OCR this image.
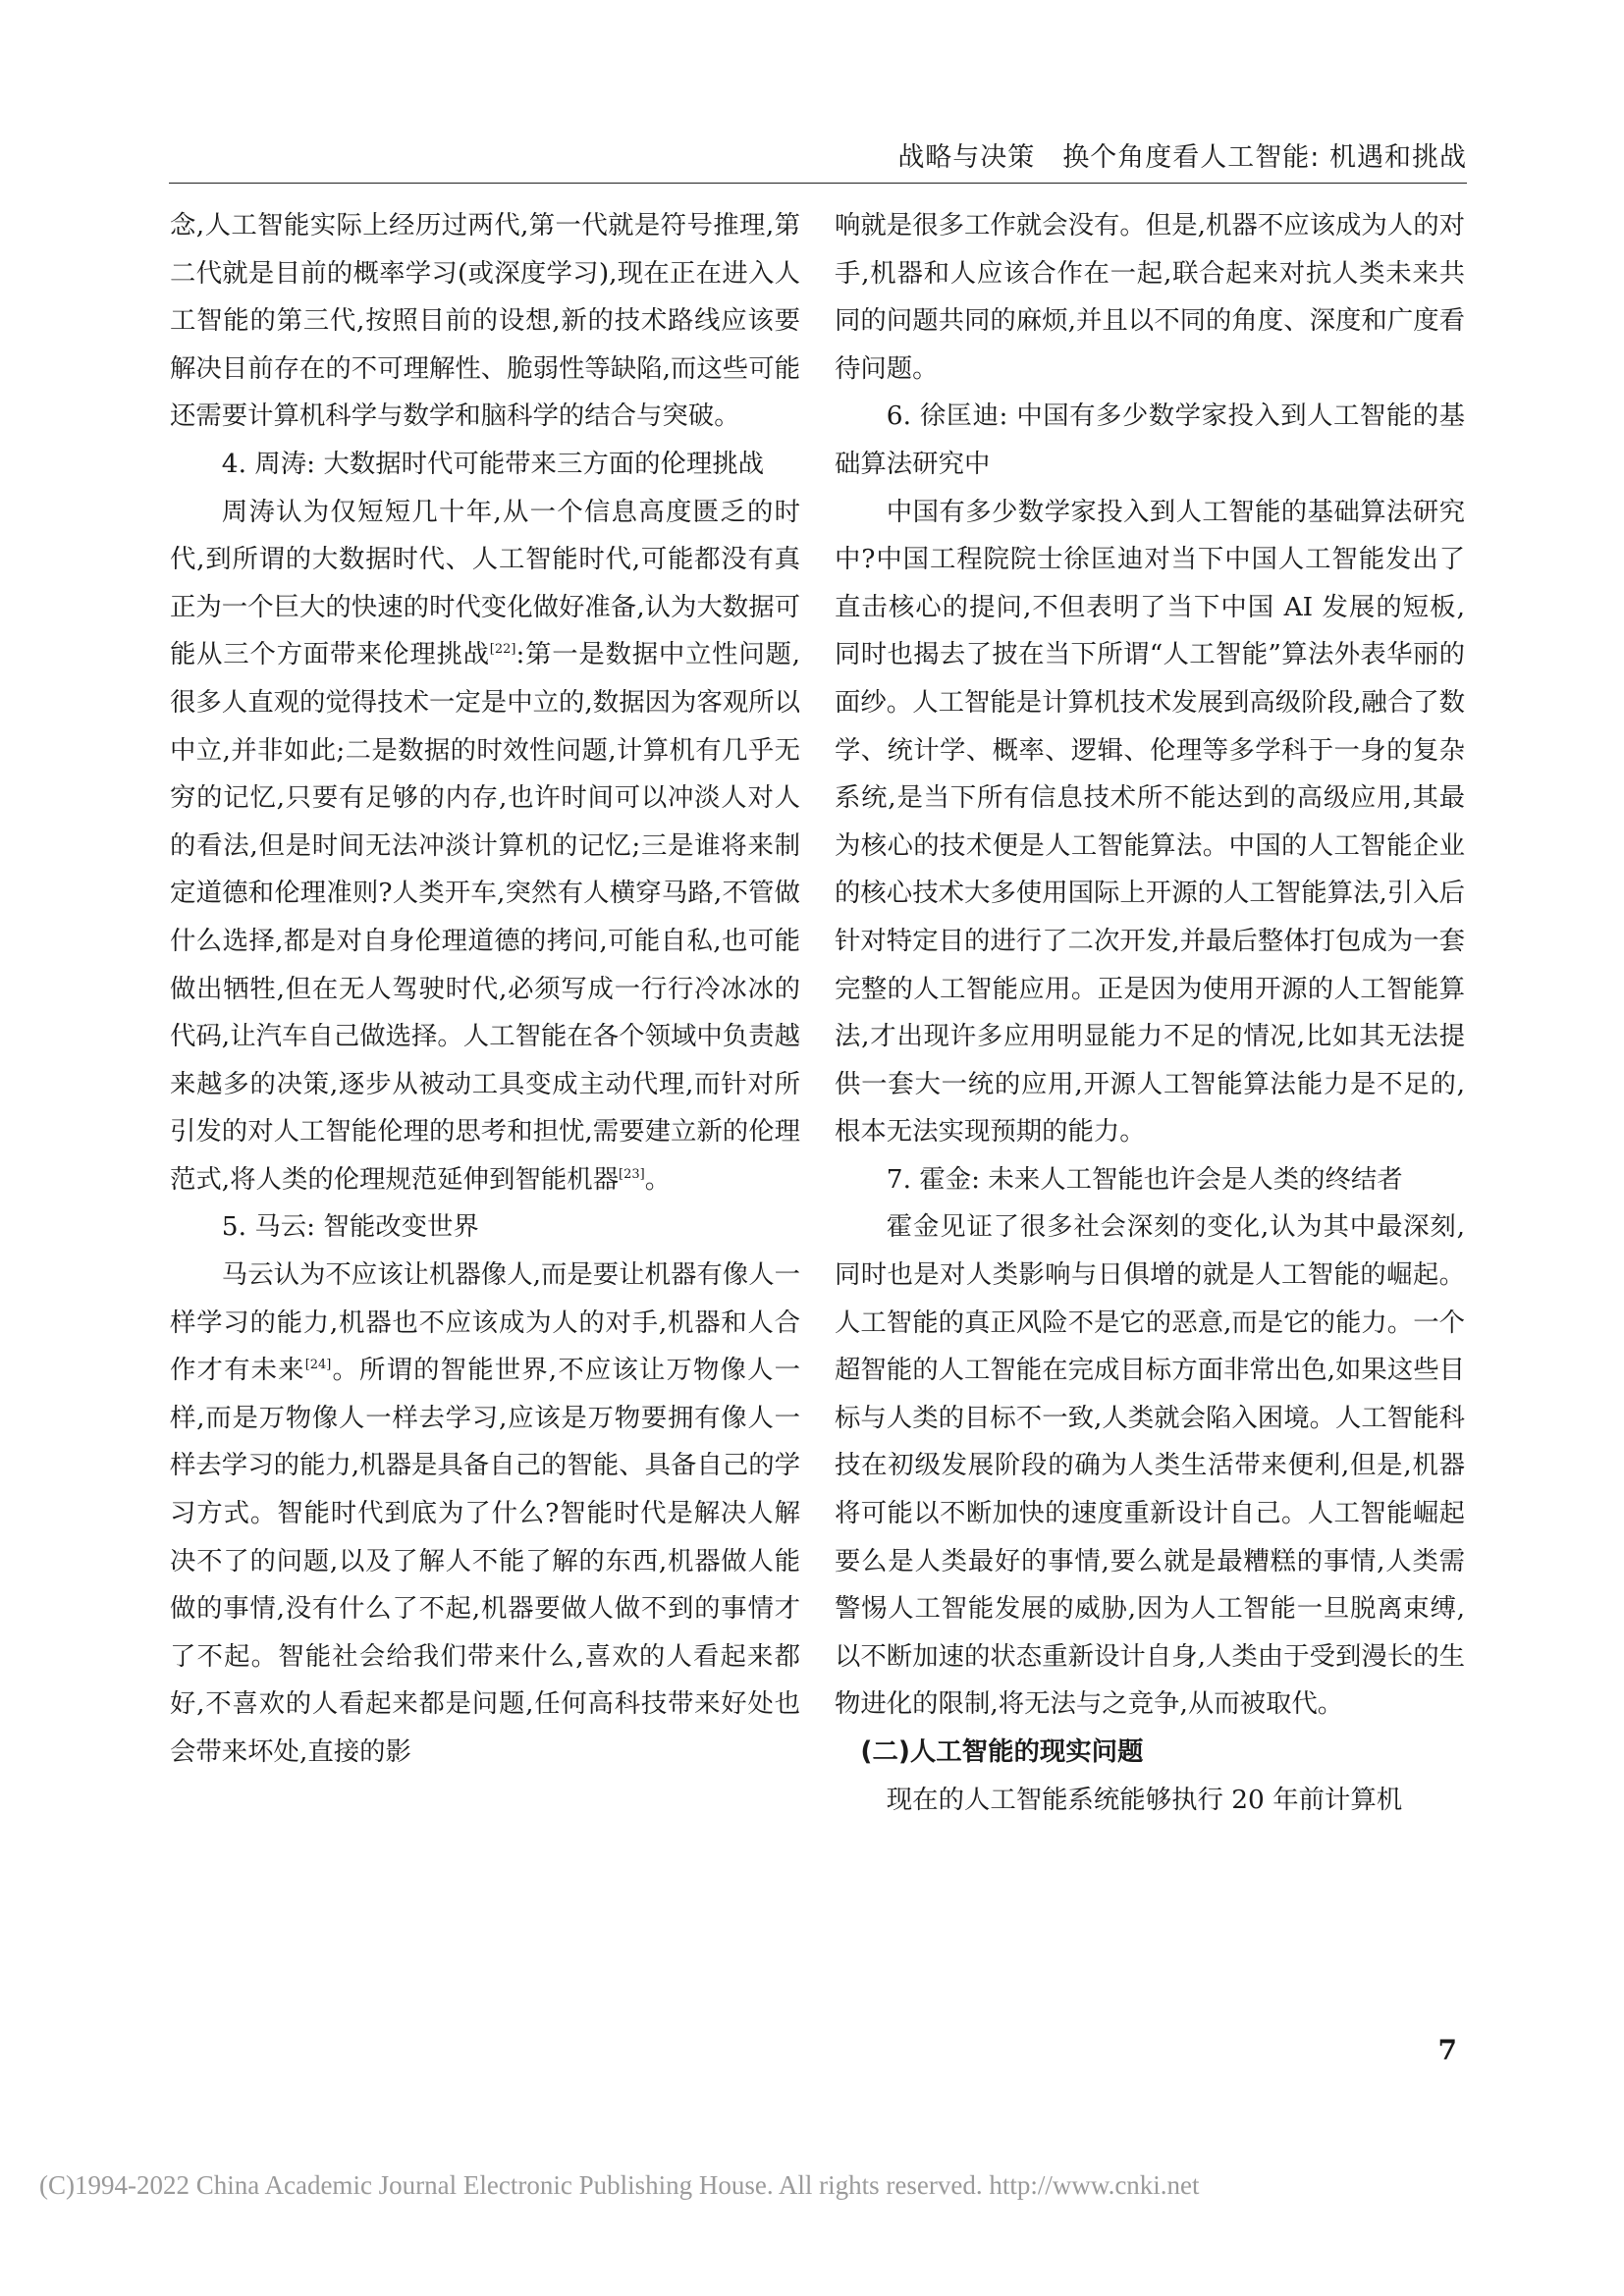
战略与决策　换个角度看人工智能: 机遇和挑战

念,人工智能实际上经历过两代,第一代就是符号推理,第二代就是目前的概率学习(或深度学习),现在正在进入人工智能的第三代,按照目前的设想,新的技术路线应该要解决目前存在的不可理解性、脆弱性等缺陷,而这些可能还需要计算机科学与数学和脑科学的结合与突破。

4. 周涛: 大数据时代可能带来三方面的伦理挑战

周涛认为仅短短几十年,从一个信息高度匮乏的时代,到所谓的大数据时代、人工智能时代,可能都没有真正为一个巨大的快速的时代变化做好准备,认为大数据可能从三个方面带来伦理挑战[22]:第一是数据中立性问题,很多人直观的觉得技术一定是中立的,数据因为客观所以中立,并非如此;二是数据的时效性问题,计算机有几乎无穷的记忆,只要有足够的内存,也许时间可以冲淡人对人的看法,但是时间无法冲淡计算机的记忆;三是谁将来制定道德和伦理准则?人类开车,突然有人横穿马路,不管做什么选择,都是对自身伦理道德的拷问,可能自私,也可能做出牺牲,但在无人驾驶时代,必须写成一行行冷冰冰的代码,让汽车自己做选择。人工智能在各个领域中负责越来越多的决策,逐步从被动工具变成主动代理,而针对所引发的对人工智能伦理的思考和担忧,需要建立新的伦理范式,将人类的伦理规范延伸到智能机器[23]。

5. 马云: 智能改变世界

马云认为不应该让机器像人,而是要让机器有像人一样学习的能力,机器也不应该成为人的对手,机器和人合作才有未来[24]。所谓的智能世界,不应该让万物像人一样,而是万物像人一样去学习,应该是万物要拥有像人一样去学习的能力,机器是具备自己的智能、具备自己的学习方式。智能时代到底为了什么?智能时代是解决人解决不了的问题,以及了解人不能了解的东西,机器做人能做的事情,没有什么了不起,机器要做人做不到的事情才了不起。智能社会给我们带来什么,喜欢的人看起来都好,不喜欢的人看起来都是问题,任何高科技带来好处也会带来坏处,直接的影

响就是很多工作就会没有。但是,机器不应该成为人的对手,机器和人应该合作在一起,联合起来对抗人类未来共同的问题共同的麻烦,并且以不同的角度、深度和广度看待问题。

6. 徐匡迪: 中国有多少数学家投入到人工智能的基础算法研究中

中国有多少数学家投入到人工智能的基础算法研究中?中国工程院院士徐匡迪对当下中国人工智能发出了直击核心的提问,不但表明了当下中国 AI 发展的短板,同时也揭去了披在当下所谓“人工智能”算法外表华丽的面纱。人工智能是计算机技术发展到高级阶段,融合了数学、统计学、概率、逻辑、伦理等多学科于一身的复杂系统,是当下所有信息技术所不能达到的高级应用,其最为核心的技术便是人工智能算法。中国的人工智能企业的核心技术大多使用国际上开源的人工智能算法,引入后针对特定目的进行了二次开发,并最后整体打包成为一套完整的人工智能应用。正是因为使用开源的人工智能算法,才出现许多应用明显能力不足的情况,比如其无法提供一套大一统的应用,开源人工智能算法能力是不足的,根本无法实现预期的能力。

7. 霍金: 未来人工智能也许会是人类的终结者

霍金见证了很多社会深刻的变化,认为其中最深刻,同时也是对人类影响与日俱增的就是人工智能的崛起。人工智能的真正风险不是它的恶意,而是它的能力。一个超智能的人工智能在完成目标方面非常出色,如果这些目标与人类的目标不一致,人类就会陷入困境。人工智能科技在初级发展阶段的确为人类生活带来便利,但是,机器将可能以不断加快的速度重新设计自己。人工智能崛起要么是人类最好的事情,要么就是最糟糕的事情,人类需警惕人工智能发展的威胁,因为人工智能一旦脱离束缚,以不断加速的状态重新设计自身,人类由于受到漫长的生物进化的限制,将无法与之竞争,从而被取代。

(二)人工智能的现实问题

现在的人工智能系统能够执行 20 年前计算机

7
(C)1994-2022 China Academic Journal Electronic Publishing House. All rights reserved. http://www.cnki.net
